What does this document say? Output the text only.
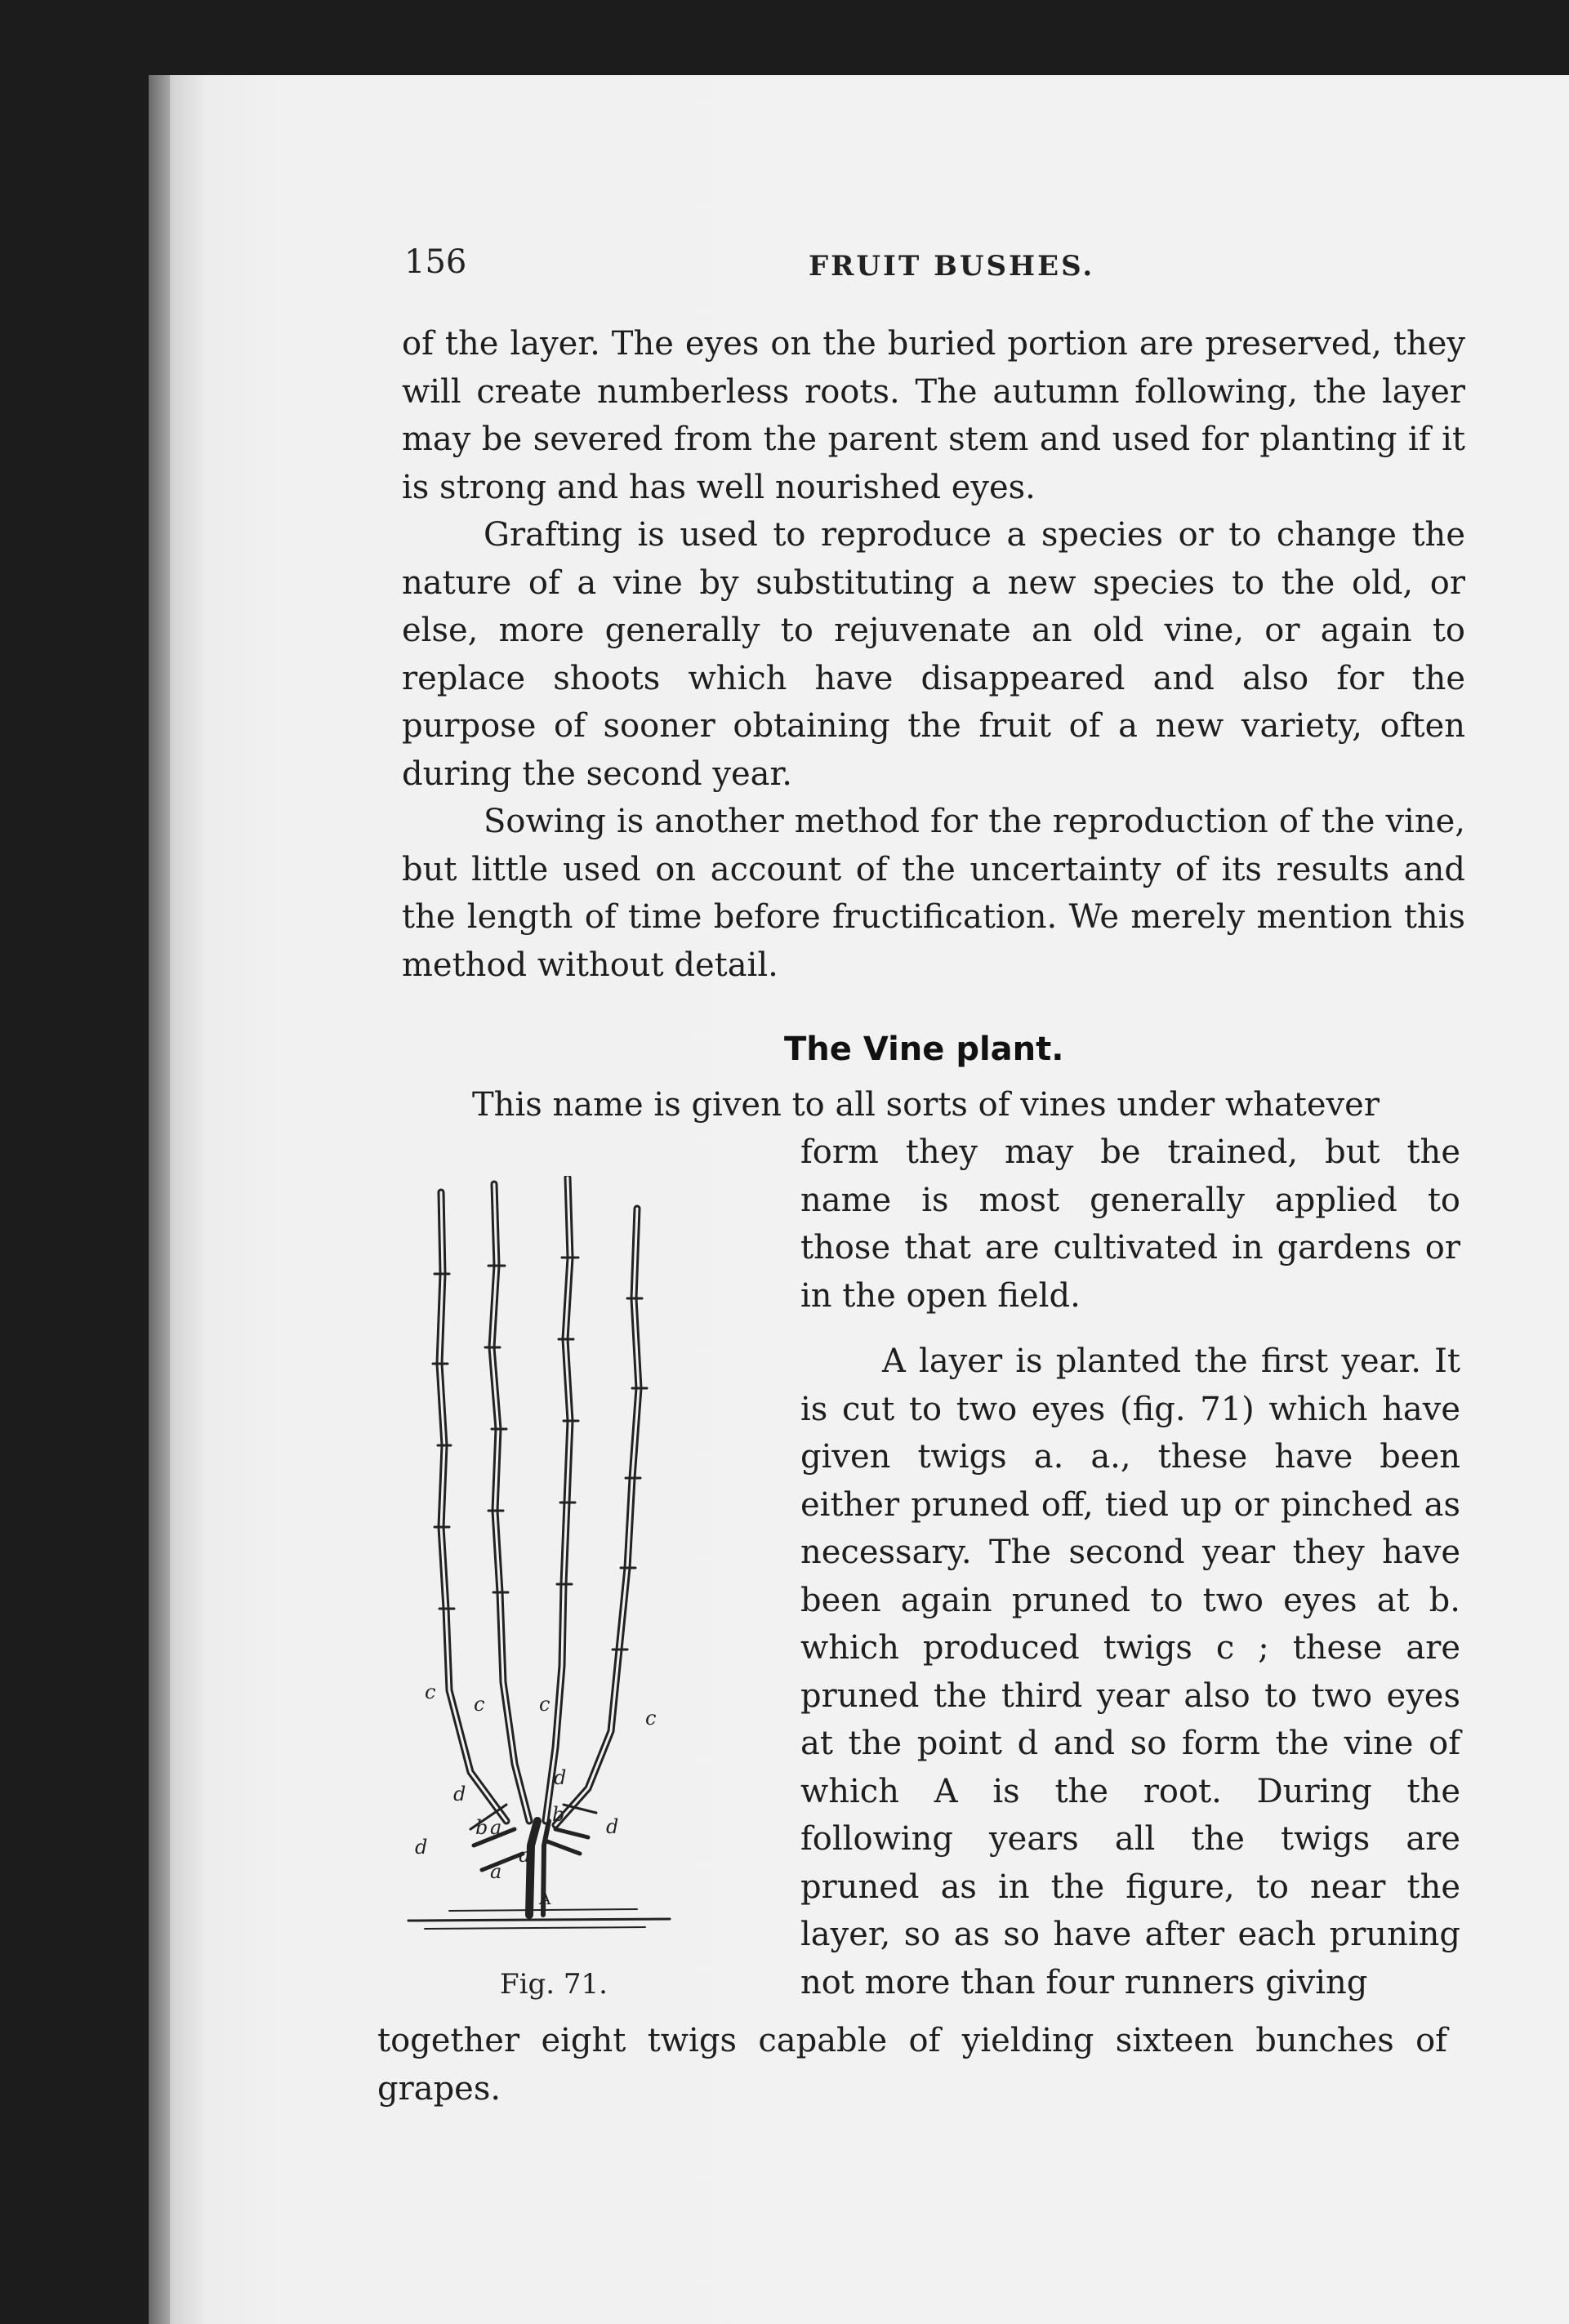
156	FRUIT BUSHES.

of the layer. The eyes on the buried portion are preserved, they will create numberless roots. The autumn following, the layer may be severed from the parent stem and used for planting if it is strong and has well nourished eyes.

Grafting is used to reproduce a species or to change the nature of a vine by substituting a new species to the old, or else, more generally to rejuvenate an old vine, or again to replace shoots which have disappeared and also for the purpose of sooner obtaining the fruit of a new variety, often during the second year.

Sowing is another method for the reproduction of the vine, but little used on account of the uncertainty of its results and the length of time before fructification. We merely mention this method without detail.

The Vine plant.
This name is given to all sorts of vines under whatever

form they may be trained, but the name is most generally applied to those that are cultivated in gardens or in the open field.

A layer is planted the first year. It is cut to two eyes (fig. 71) which have given twigs a. a., these have been either pruned off, tied up or pinched as necessary. The second year they have been again pruned to two eyes at b. which produced twigs c ; these are pruned the third year also to two eyes at the point d and so form the vine of which A is the root. During the following years all the twigs are pruned as in the figure, to near the layer, so as so have after each pruning not more than four runners giving

c
c	c
c
d
d
d
d
b
b
a
a
a
A
Fig. 71.
together eight twigs capable of yielding sixteen bunches of grapes.
